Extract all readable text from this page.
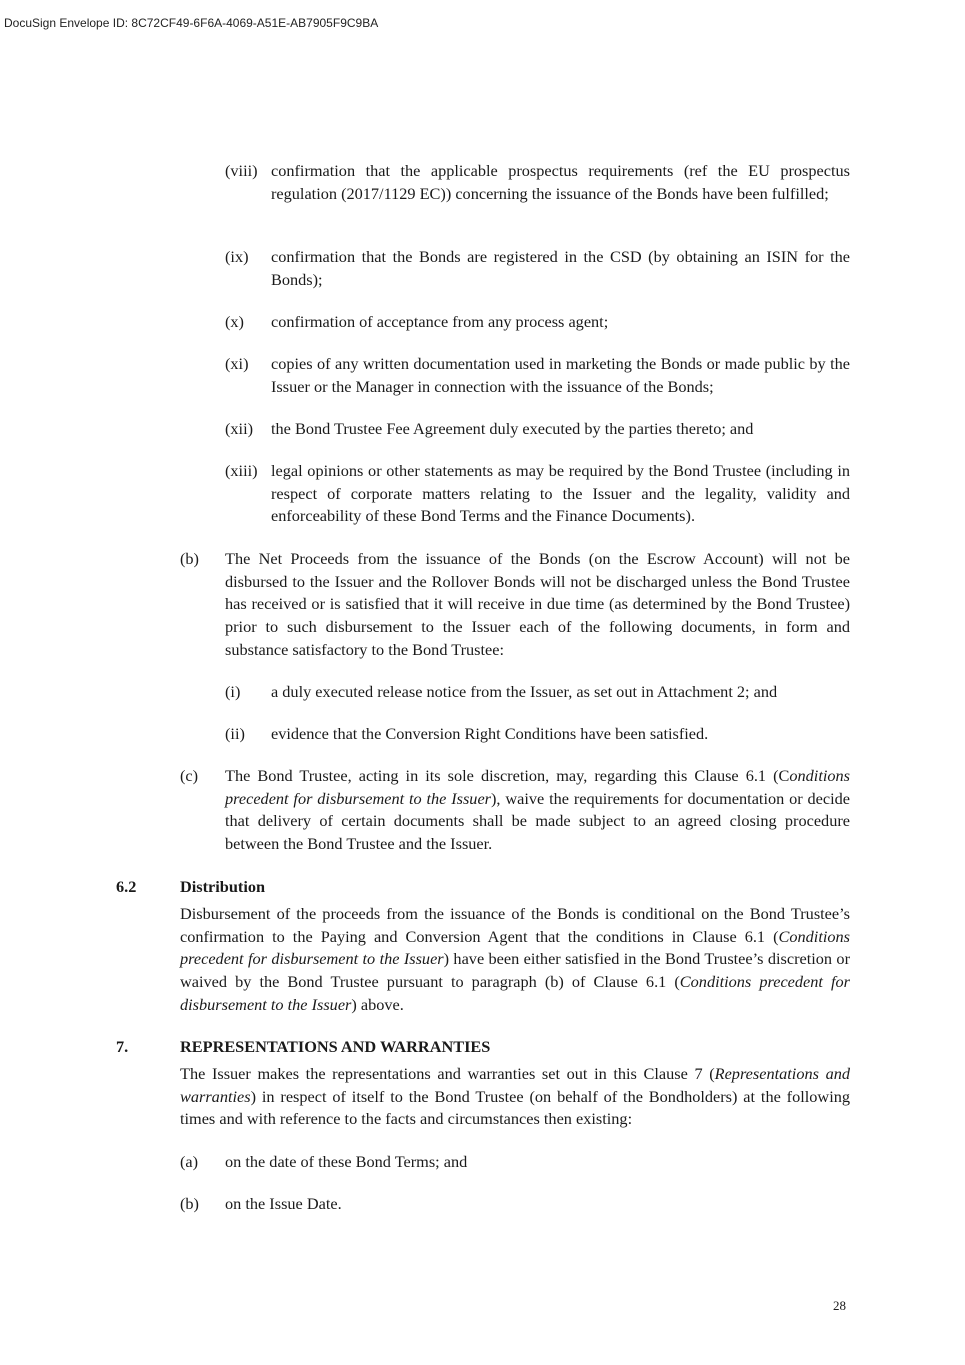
DocuSign Envelope ID: 8C72CF49-6F6A-4069-A51E-AB7905F9C9BA
(viii) confirmation that the applicable prospectus requirements (ref the EU prospectus regulation (2017/1129 EC)) concerning the issuance of the Bonds have been fulfilled;
(ix) confirmation that the Bonds are registered in the CSD (by obtaining an ISIN for the Bonds);
(x) confirmation of acceptance from any process agent;
(xi) copies of any written documentation used in marketing the Bonds or made public by the Issuer or the Manager in connection with the issuance of the Bonds;
(xii) the Bond Trustee Fee Agreement duly executed by the parties thereto; and
(xiii) legal opinions or other statements as may be required by the Bond Trustee (including in respect of corporate matters relating to the Issuer and the legality, validity and enforceability of these Bond Terms and the Finance Documents).
(b) The Net Proceeds from the issuance of the Bonds (on the Escrow Account) will not be disbursed to the Issuer and the Rollover Bonds will not be discharged unless the Bond Trustee has received or is satisfied that it will receive in due time (as determined by the Bond Trustee) prior to such disbursement to the Issuer each of the following documents, in form and substance satisfactory to the Bond Trustee:
(i) a duly executed release notice from the Issuer, as set out in Attachment 2; and
(ii) evidence that the Conversion Right Conditions have been satisfied.
(c) The Bond Trustee, acting in its sole discretion, may, regarding this Clause 6.1 (Conditions precedent for disbursement to the Issuer), waive the requirements for documentation or decide that delivery of certain documents shall be made subject to an agreed closing procedure between the Bond Trustee and the Issuer.
6.2	Distribution
Disbursement of the proceeds from the issuance of the Bonds is conditional on the Bond Trustee’s confirmation to the Paying and Conversion Agent that the conditions in Clause 6.1 (Conditions precedent for disbursement to the Issuer) have been either satisfied in the Bond Trustee’s discretion or waived by the Bond Trustee pursuant to paragraph (b) of Clause 6.1 (Conditions precedent for disbursement to the Issuer) above.
7.	REPRESENTATIONS AND WARRANTIES
The Issuer makes the representations and warranties set out in this Clause 7 (Representations and warranties) in respect of itself to the Bond Trustee (on behalf of the Bondholders) at the following times and with reference to the facts and circumstances then existing:
(a) on the date of these Bond Terms; and
(b) on the Issue Date.
28
